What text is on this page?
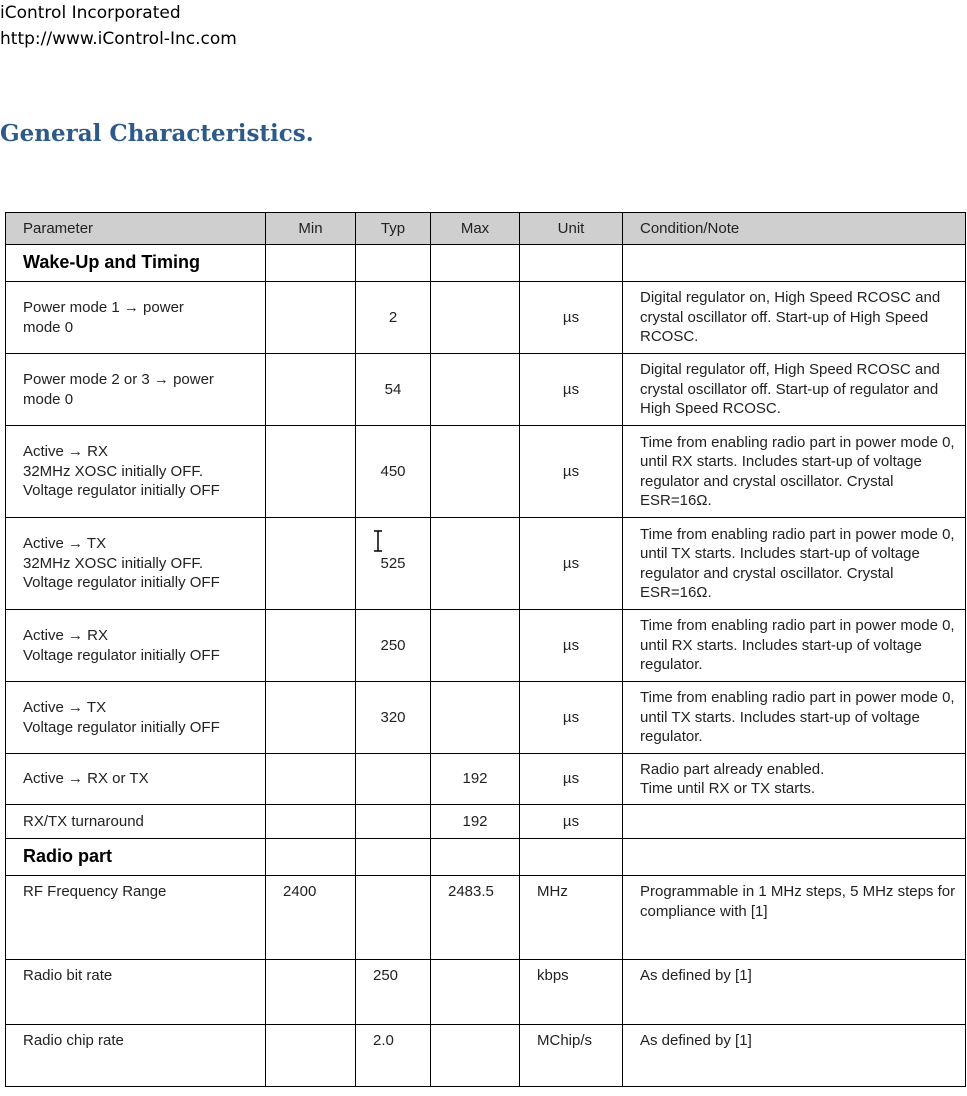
iControl Incorporated
http://www.iControl-Inc.com
General Characteristics.
Parameter	Min	Typ	Max	Unit	Condition/Note
Wake-Up and Timing					
Power mode 1 → power
mode 0		2		µs	Digital regulator on, High Speed RCOSC and crystal oscillator off. Start-up of High Speed RCOSC.
Power mode 2 or 3 → power
mode 0		54		µs	Digital regulator off, High Speed RCOSC and crystal oscillator off. Start-up of regulator and High Speed RCOSC.
Active → RX
32MHz XOSC initially OFF.
Voltage regulator initially OFF		450		µs	Time from enabling radio part in power mode 0, until RX starts. Includes start-up of voltage regulator and crystal oscillator. Crystal ESR=16Ω.
Active → TX
32MHz XOSC initially OFF.
Voltage regulator initially OFF		525		µs	Time from enabling radio part in power mode 0, until TX starts. Includes start-up of voltage regulator and crystal oscillator. Crystal ESR=16Ω.
Active → RX
Voltage regulator initially OFF		250		µs	Time from enabling radio part in power mode 0, until RX starts. Includes start-up of voltage regulator.
Active → TX
Voltage regulator initially OFF		320		µs	Time from enabling radio part in power mode 0, until TX starts. Includes start-up of voltage regulator.
Active → RX or TX			192	µs	Radio part already enabled.
Time until RX or TX starts.
RX/TX turnaround			192	µs	
Radio part					
RF Frequency Range	2400		2483.5	MHz	Programmable in 1 MHz steps, 5 MHz steps for compliance with [1]
Radio bit rate		250		kbps	As defined by [1]
Radio chip rate		2.0		MChip/s	As defined by [1]
